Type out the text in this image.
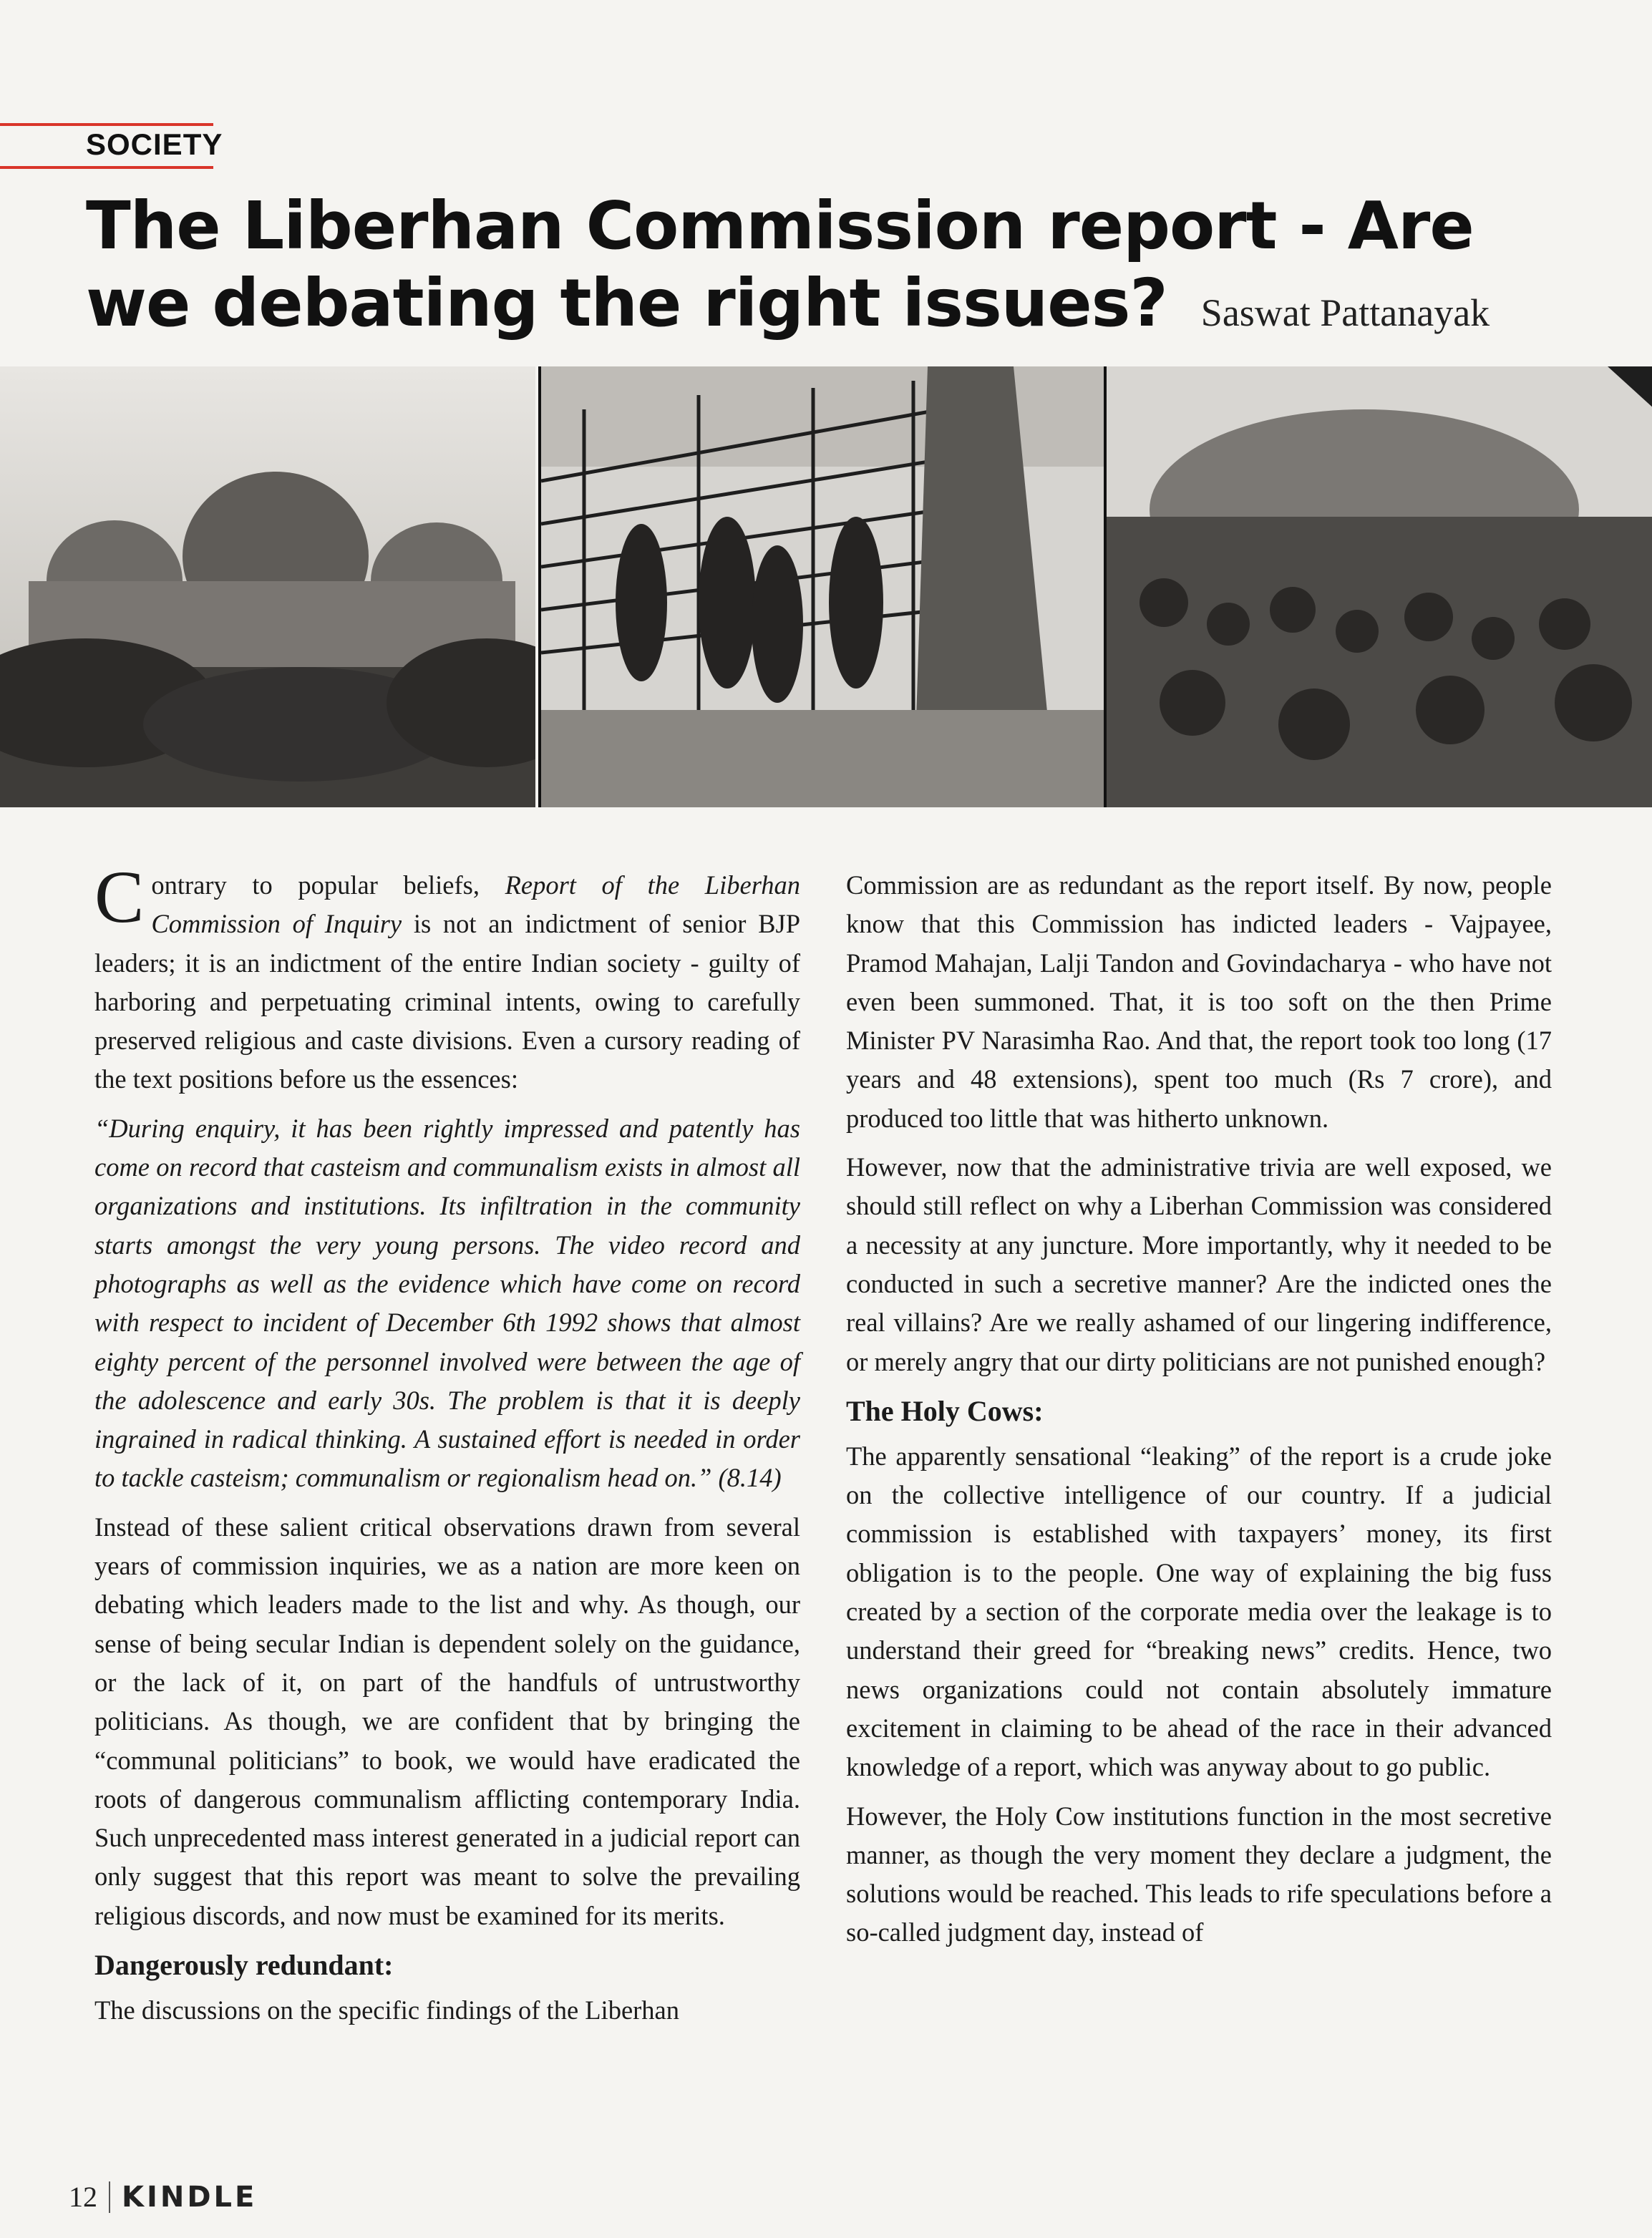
SOCIETY
The Liberhan Commission report - Are we debating the right issues? Saswat Pattanayak

Contrary to popular beliefs, Report of the Liberhan Commission of Inquiry is not an indictment of senior BJP leaders; it is an indictment of the entire Indian society - guilty of harboring and perpetuating criminal intents, owing to carefully preserved religious and caste divisions. Even a cursory reading of the text positions before us the essences:

“During enquiry, it has been rightly impressed and patently has come on record that casteism and communalism exists in almost all organizations and institutions. Its infiltration in the community starts amongst the very young persons. The video record and photographs as well as the evidence which have come on record with respect to incident of December 6th 1992 shows that almost eighty percent of the personnel involved were between the age of the adolescence and early 30s. The problem is that it is deeply ingrained in radical thinking. A sustained effort is needed in order to tackle casteism; communalism or regionalism head on.” (8.14)

Instead of these salient critical observations drawn from several years of commission inquiries, we as a nation are more keen on debating which leaders made to the list and why. As though, our sense of being secular Indian is dependent solely on the guidance, or the lack of it, on part of the handfuls of untrustworthy politicians. As though, we are confident that by bringing the “communal politicians” to book, we would have eradicated the roots of dangerous communalism afflicting contemporary India. Such unprecedented mass interest generated in a judicial report can only suggest that this report was meant to solve the prevailing religious discords, and now must be examined for its merits.

Dangerously redundant:

The discussions on the specific findings of the Liberhan

Commission are as redundant as the report itself. By now, people know that this Commission has indicted leaders - Vajpayee, Pramod Mahajan, Lalji Tandon and Govindacharya - who have not even been summoned. That, it is too soft on the then Prime Minister PV Narasimha Rao. And that, the report took too long (17 years and 48 extensions), spent too much (Rs 7 crore), and produced too little that was hitherto unknown.

However, now that the administrative trivia are well exposed, we should still reflect on why a Liberhan Commission was considered a necessity at any juncture. More importantly, why it needed to be conducted in such a secretive manner? Are the indicted ones the real villains? Are we really ashamed of our lingering indifference, or merely angry that our dirty politicians are not punished enough?

The Holy Cows:

The apparently sensational “leaking” of the report is a crude joke on the collective intelligence of our country. If a judicial commission is established with taxpayers’ money, its first obligation is to the people. One way of explaining the big fuss created by a section of the corporate media over the leakage is to understand their greed for “breaking news” credits. Hence, two news organizations could not contain absolutely immature excitement in claiming to be ahead of the race in their advanced knowledge of a report, which was anyway about to go public.

However, the Holy Cow institutions function in the most secretive manner, as though the very moment they declare a judgment, the solutions would be reached. This leads to rife speculations before a so-called judgment day, instead of

12 KINDLE
